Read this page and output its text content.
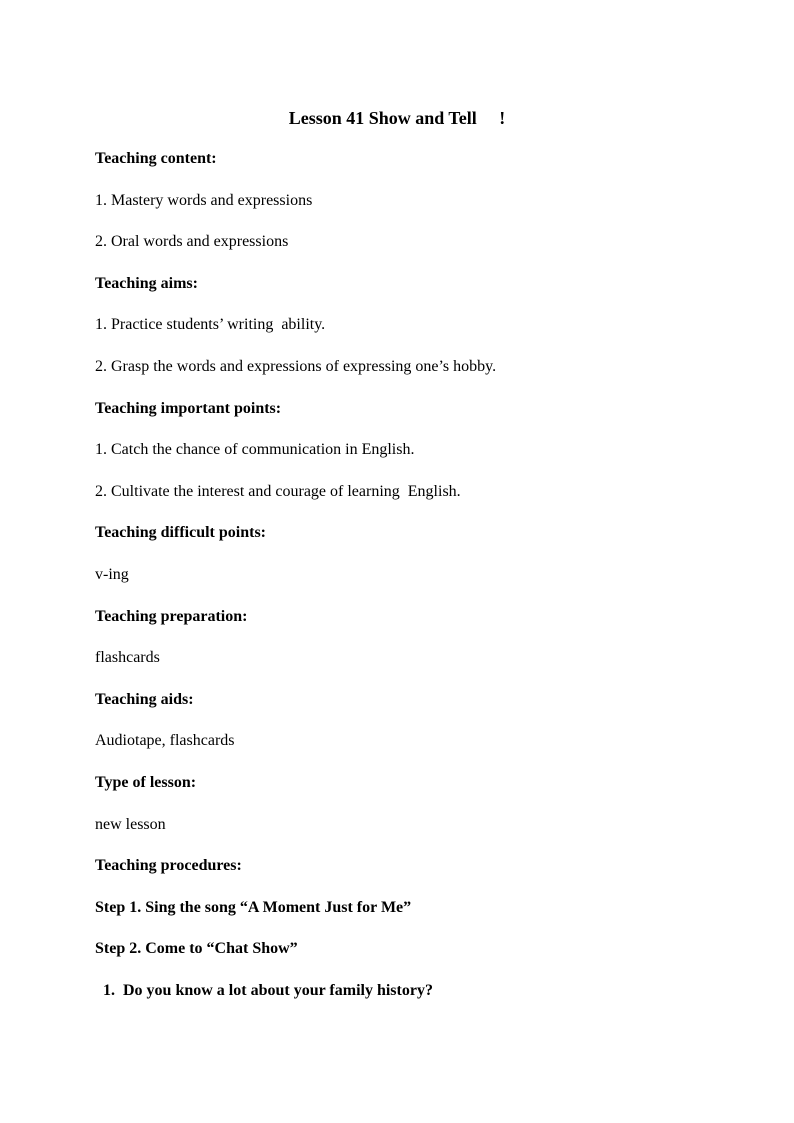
Lesson 41 Show and Tell 　!
Teaching content:
1. Mastery words and expressions
2. Oral words and expressions
Teaching aims:
1. Practice students’ writing  ability.
2. Grasp the words and expressions of expressing one’s hobby.
Teaching important points:
1. Catch the chance of communication in English.
2. Cultivate the interest and courage of learning  English.
Teaching difficult points:
v-ing
Teaching preparation:
flashcards
Teaching aids:
Audiotape, flashcards
Type of lesson:
new lesson
Teaching procedures:
Step 1. Sing the song “A Moment Just for Me”
Step 2. Come to “Chat Show”
1.  Do you know a lot about your family history?
